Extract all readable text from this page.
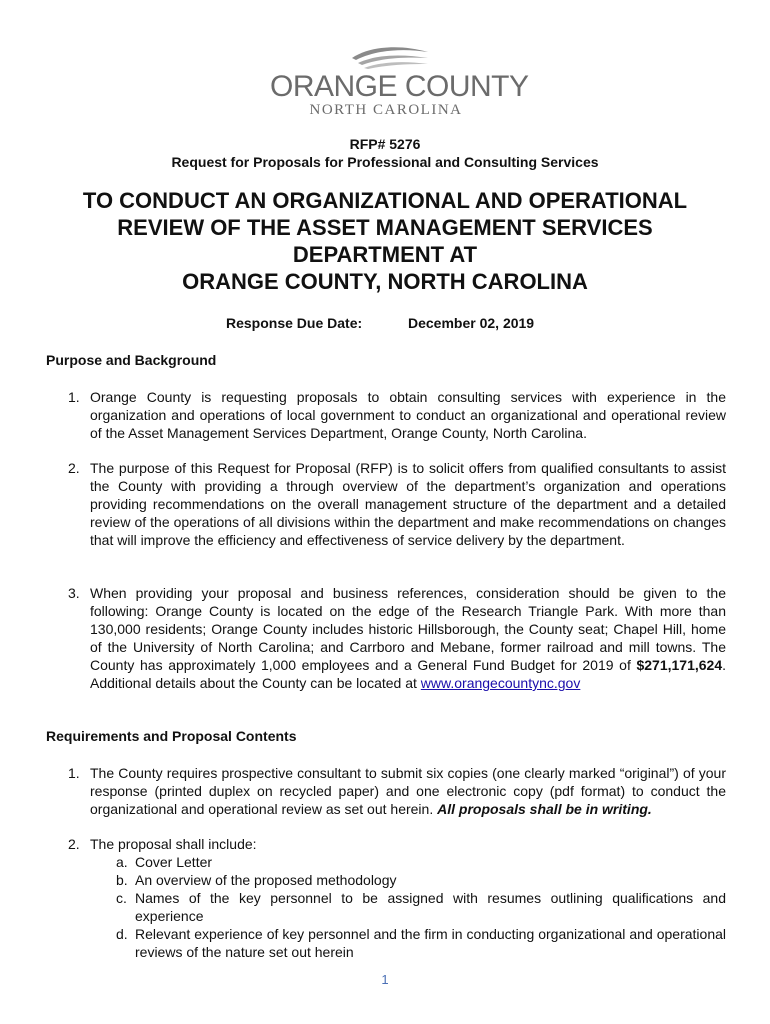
ORANGE COUNTY
NORTH CAROLINA
RFP# 5276
Request for Proposals for Professional and Consulting Services
TO CONDUCT AN ORGANIZATIONAL AND OPERATIONAL
REVIEW OF THE ASSET MANAGEMENT SERVICES
DEPARTMENT AT
ORANGE COUNTY, NORTH CAROLINA
Response Due Date:	December 02, 2019
Purpose and Background
1. Orange County is requesting proposals to obtain consulting services with experience in the organization and operations of local government to conduct an organizational and operational review of the Asset Management Services Department, Orange County, North Carolina.
2. The purpose of this Request for Proposal (RFP) is to solicit offers from qualified consultants to assist the County with providing a through overview of the department’s organization and operations providing recommendations on the overall management structure of the department and a detailed review of the operations of all divisions within the department and make recommendations on changes that will improve the efficiency and effectiveness of service delivery by the department.
3. When providing your proposal and business references, consideration should be given to the following: Orange County is located on the edge of the Research Triangle Park. With more than 130,000 residents; Orange County includes historic Hillsborough, the County seat; Chapel Hill, home of the University of North Carolina; and Carrboro and Mebane, former railroad and mill towns. The County has approximately 1,000 employees and a General Fund Budget for 2019 of $271,171,624. Additional details about the County can be located at www.orangecountync.gov
Requirements and Proposal Contents
1. The County requires prospective consultant to submit six copies (one clearly marked “original”) of your response (printed duplex on recycled paper) and one electronic copy (pdf format) to conduct the organizational and operational review as set out herein. All proposals shall be in writing.
2. The proposal shall include:
a. Cover Letter
b. An overview of the proposed methodology
c. Names of the key personnel to be assigned with resumes outlining qualifications and experience
d. Relevant experience of key personnel and the firm in conducting organizational and operational reviews of the nature set out herein
1
